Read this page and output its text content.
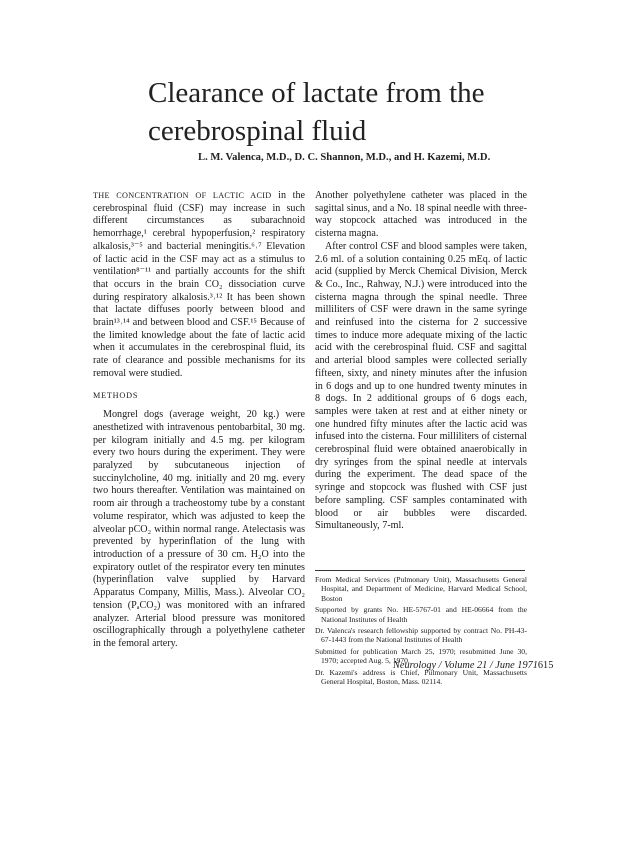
Clearance of lactate from the
cerebrospinal fluid
L. M. Valenca, M.D., D. C. Shannon, M.D., and H. Kazemi, M.D.

THE CONCENTRATION OF LACTIC ACID in the cerebrospinal fluid (CSF) may increase in such different circumstances as subarachnoid hemorrhage,¹ cerebral hypoperfusion,² respiratory alkalosis,³⁻⁵ and bacterial meningitis.⁶˒⁷ Elevation of lactic acid in the CSF may act as a stimulus to ventilation⁸⁻¹¹ and partially accounts for the shift that occurs in the brain CO₂ dissociation curve during respiratory alkalosis.³˒¹² It has been shown that lactate diffuses poorly between blood and brain¹³˒¹⁴ and between blood and CSF.¹⁵ Because of the limited knowledge about the fate of lactic acid when it accumulates in the cerebrospinal fluid, its rate of clearance and possible mechanisms for its removal were studied.

METHODS

Mongrel dogs (average weight, 20 kg.) were anesthetized with intravenous pentobarbital, 30 mg. per kilogram initially and 4.5 mg. per kilogram every two hours during the experiment. They were paralyzed by subcutaneous injection of succinylcholine, 40 mg. initially and 20 mg. every two hours thereafter. Ventilation was maintained on room air through a tracheostomy tube by a constant volume respirator, which was adjusted to keep the alveolar pCO₂ within normal range. Atelectasis was prevented by hyperinflation of the lung with introduction of a pressure of 30 cm. H₂O into the expiratory outlet of the respirator every ten minutes (hyperinflation valve supplied by Harvard Apparatus Company, Millis, Mass.). Alveolar CO₂ tension (PₐCO₂) was monitored with an infrared analyzer. Arterial blood pressure was monitored oscillographically through a polyethylene catheter in the femoral artery.

Another polyethylene catheter was placed in the sagittal sinus, and a No. 18 spinal needle with three-way stopcock attached was introduced in the cisterna magna.

After control CSF and blood samples were taken, 2.6 ml. of a solution containing 0.25 mEq. of lactic acid (supplied by Merck Chemical Division, Merck & Co., Inc., Rahway, N.J.) were introduced into the cisterna magna through the spinal needle. Three milliliters of CSF were drawn in the same syringe and reinfused into the cisterna for 2 successive times to induce more adequate mixing of the lactic acid with the cerebrospinal fluid. CSF and sagittal and arterial blood samples were collected serially fifteen, sixty, and ninety minutes after the infusion in 6 dogs and up to one hundred twenty minutes in 8 dogs. In 2 additional groups of 6 dogs each, samples were taken at rest and at either ninety or one hundred fifty minutes after the lactic acid was infused into the cisterna. Four milliliters of cisternal cerebrospinal fluid were obtained anaerobically in dry syringes from the spinal needle at intervals during the experiment. The dead space of the syringe and stopcock was flushed with CSF just before sampling. CSF samples contaminated with blood or air bubbles were discarded. Simultaneously, 7-ml.

From Medical Services (Pulmonary Unit), Massachusetts General Hospital, and Department of Medicine, Harvard Medical School, Boston

Supported by grants No. HE-5767-01 and HE-06664 from the National Institutes of Health

Dr. Valenca's research fellowship supported by contract No. PH-43-67-1443 from the National Institutes of Health

Submitted for publication March 25, 1970; resubmitted June 30, 1970; accepted Aug. 5, 1970.

Dr. Kazemi's address is Chief, Pulmonary Unit, Massachusetts General Hospital, Boston, Mass. 02114.

Neurology / Volume 21 / June 1971 615
